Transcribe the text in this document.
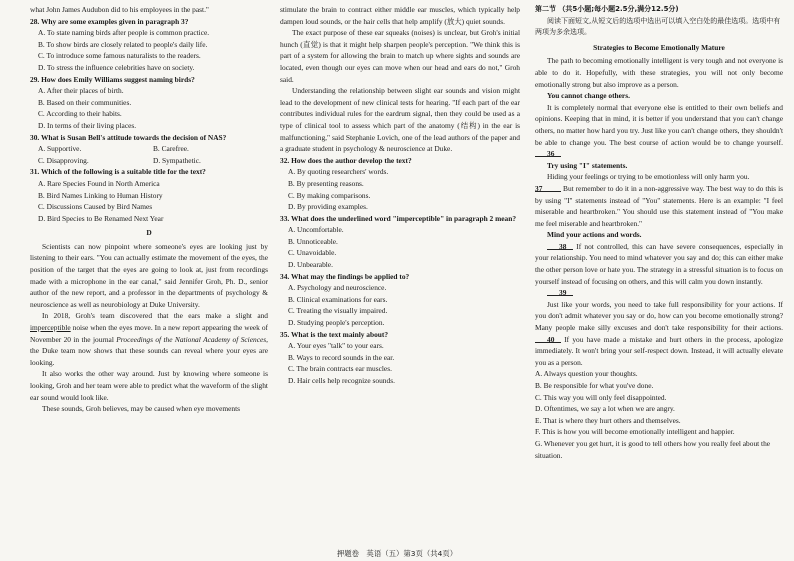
what John James Audubon did to his employees in the past."

28. Why are some examples given in paragraph 3?

A. To state naming birds after people is common practice.

B. To show birds are closely related to people's daily life.

C. To introduce some famous naturalists to the readers.

D. To stress the influence celebrities have on society.

29. How does Emily Williams suggest naming birds?

A. After their places of birth.

B. Based on their communities.

C. According to their habits.

D. In terms of their living places.

30. What is Susan Bell's attitude towards the decision of NAS?

A. Supportive.	B. Carefree.
C. Disapproving.	D. Sympathetic.

31. Which of the following is a suitable title for the text?

A. Rare Species Found in North America

B. Bird Names Linking to Human History

C. Discussions Caused by Bird Names

D. Bird Species to Be Renamed Next Year

D

Scientists can now pinpoint where someone's eyes are looking just by listening to their ears. "You can actually estimate the movement of the eyes, the position of the target that the eyes are going to look at, just from recordings made with a microphone in the ear canal," said Jennifer Groh, Ph. D., senior author of the new report, and a professor in the departments of psychology & neuroscience as well as neurobiology at Duke University.

In 2018, Groh's team discovered that the ears make a slight and imperceptible noise when the eyes move. In a new report appearing the week of November 20 in the journal Proceedings of the National Academy of Sciences, the Duke team now shows that these sounds can reveal where your eyes are looking.

It also works the other way around. Just by knowing where someone is looking, Groh and her team were able to predict what the waveform of the slight ear sound would look like.

These sounds, Groh believes, may be caused when eye movements

stimulate the brain to contract either middle ear muscles, which typically help dampen loud sounds, or the hair cells that help amplify (放大) quiet sounds.

The exact purpose of these ear squeaks (noises) is unclear, but Groh's initial hunch (直觉) is that it might help sharpen people's perception. "We think this is part of a system for allowing the brain to match up where sights and sounds are located, even though our eyes can move when our head and ears do not," Groh said.

Understanding the relationship between slight ear sounds and vision might lead to the development of new clinical tests for hearing. "If each part of the ear contributes individual rules for the eardrum signal, then they could be used as a type of clinical tool to assess which part of the anatomy (结构) in the ear is malfunctioning," said Stephanie Lovich, one of the lead authors of the paper and a graduate student in psychology & neuroscience at Duke.

32. How does the author develop the text?

A. By quoting researchers' words.

B. By presenting reasons.

C. By making comparisons.

D. By providing examples.

33. What does the underlined word "imperceptible" in paragraph 2 mean?

A. Uncomfortable.

B. Unnoticeable.

C. Unavoidable.

D. Unbearable.

34. What may the findings be applied to?

A. Psychology and neuroscience.

B. Clinical examinations for ears.

C. Treating the visually impaired.

D. Studying people's perception.

35. What is the text mainly about?

A. Your eyes "talk" to your ears.

B. Ways to record sounds in the ear.

C. The brain contracts ear muscles.

D. Hair cells help recognize sounds.

第二节 （共5小题;每小题2.5分,满分12.5分)

阅读下面短文,从短文后的选项中选出可以填入空白处的最佳选项。选项中有两项为多余选项。

Strategies to Become Emotionally Mature

The path to becoming emotionally intelligent is very tough and not everyone is able to do it. Hopefully, with these strategies, you will not only become emotionally strong but also improve as a person.

You cannot change others.

It is completely normal that everyone else is entitled to their own beliefs and opinions. Keeping that in mind, it is better if you understand that you can't change others, no matter how hard you try. Just like you can't change others, they shouldn't be able to change you. The best course of action would be to change yourself. 36

Try using "I" statements.

Hiding your feelings or trying to be emotionless will only harm you.

37	But remember to do it in a non-aggressive way. The best way to do this is by using "I" statements instead of "You" statements. Here is an example: "I feel miserable and heartbroken." You should use this statement instead of "You make me feel miserable and heartbroken."

Mind your actions and words.

38 If not controlled, this can have severe consequences, especially in your relationship. You need to mind whatever you say and do; this can either make the other person love or hate you. The strategy in a stressful situation is to focus on yourself instead of focusing on others, and this will calm you down instantly.

39

Just like your words, you need to take full responsibility for your actions. If you don't admit whatever you say or do, how can you become emotionally strong? Many people make silly excuses and don't take responsibility for their actions. 40 If you have made a mistake and hurt others in the process, apologize immediately. It won't bring your self-respect down. Instead, it will actually elevate you as a person.

A. Always question your thoughts.

B. Be responsible for what you've done.

C. This way you will only feel disappointed.

D. Oftentimes, we say a lot when we are angry.

E. That is where they hurt others and themselves.

F. This is how you will become emotionally intelligent and happier.

G. Whenever you get hurt, it is good to tell others how you really feel about the situation.

押题卷　英语（五）第3页（共4页）
